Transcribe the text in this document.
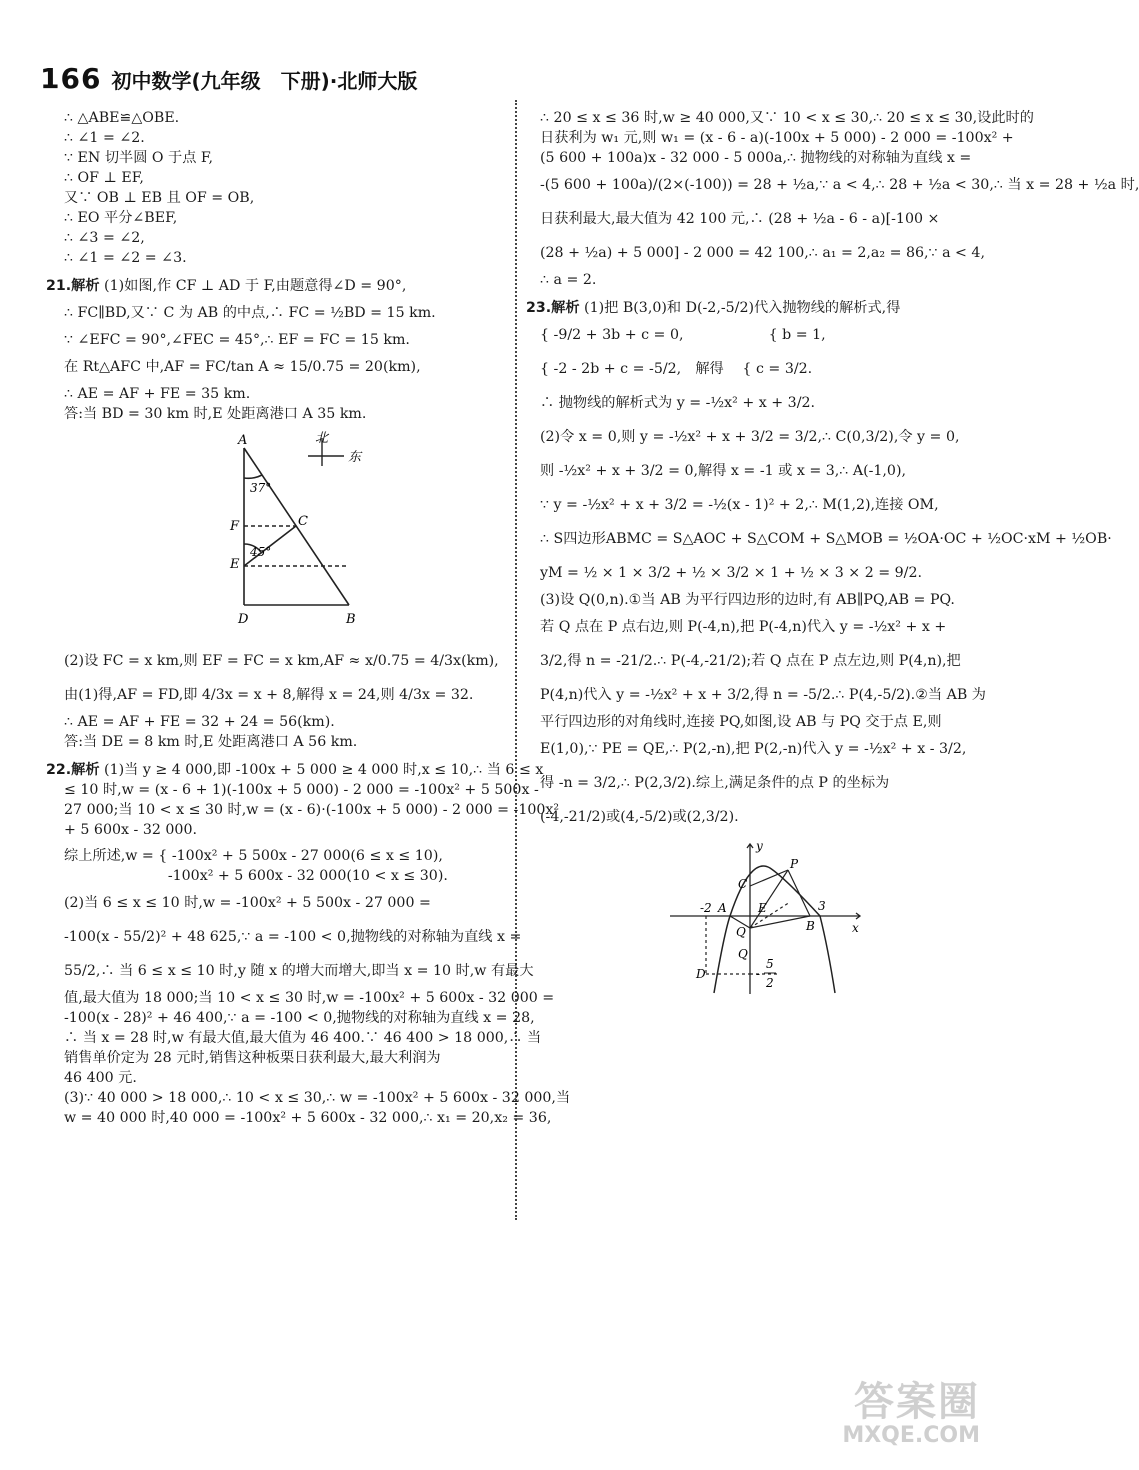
166 初中数学(九年级　下册)·北师大版
∴ △ABE≌△OBE.
∴ ∠1 = ∠2.
∵ EN 切半圆 O 于点 F,
∴ OF ⊥ EF,
又∵ OB ⊥ EB 且 OF = OB,
∴ EO 平分∠BEF,
∴ ∠3 = ∠2,
∴ ∠1 = ∠2 = ∠3.
21.解析 (1)如图,作 CF ⊥ AD 于 F,由题意得∠D = 90°,
∴ FC∥BD,又∵ C 为 AB 的中点,∴ FC = ½BD = 15 km.
∵ ∠EFC = 90°,∠FEC = 45°,∴ EF = FC = 15 km.
在 Rt△AFC 中,AF = FC/tan A ≈ 15/0.75 = 20(km),
∴ AE = AF + FE = 35 km.
答:当 BD = 30 km 时,E 处距离港口 A 35 km.
北
东
A
37°
F	C
45°
E
D	B
(2)设 FC = x km,则 EF = FC = x km,AF ≈ x/0.75 = 4/3x(km),
由(1)得,AF = FD,即 4/3x = x + 8,解得 x = 24,则 4/3x = 32.
∴ AE = AF + FE = 32 + 24 = 56(km).
答:当 DE = 8 km 时,E 处距离港口 A 56 km.
22.解析 (1)当 y ≥ 4 000,即 -100x + 5 000 ≥ 4 000 时,x ≤ 10,∴ 当 6 ≤ x
≤ 10 时,w = (x - 6 + 1)(-100x + 5 000) - 2 000 = -100x² + 5 500x -
27 000;当 10 < x ≤ 30 时,w = (x - 6)·(-100x + 5 000) - 2 000 = -100x²
+ 5 600x - 32 000.
综上所述,w = { -100x² + 5 500x - 27 000(6 ≤ x ≤ 10),
　　　　　　　 -100x² + 5 600x - 32 000(10 < x ≤ 30).
(2)当 6 ≤ x ≤ 10 时,w = -100x² + 5 500x - 27 000 =
-100(x - 55/2)² + 48 625,∵ a = -100 < 0,抛物线的对称轴为直线 x =
55/2,∴ 当 6 ≤ x ≤ 10 时,y 随 x 的增大而增大,即当 x = 10 时,w 有最大
值,最大值为 18 000;当 10 < x ≤ 30 时,w = -100x² + 5 600x - 32 000 =
-100(x - 28)² + 46 400,∵ a = -100 < 0,抛物线的对称轴为直线 x = 28,
∴ 当 x = 28 时,w 有最大值,最大值为 46 400.∵ 46 400 > 18 000,∴ 当
销售单价定为 28 元时,销售这种板栗日获利最大,最大利润为
46 400 元.
(3)∵ 40 000 > 18 000,∴ 10 < x ≤ 30,∴ w = -100x² + 5 600x - 32 000,当
w = 40 000 时,40 000 = -100x² + 5 600x - 32 000,∴ x₁ = 20,x₂ = 36,
∴ 20 ≤ x ≤ 36 时,w ≥ 40 000,又∵ 10 < x ≤ 30,∴ 20 ≤ x ≤ 30,设此时的
日获利为 w₁ 元,则 w₁ = (x - 6 - a)(-100x + 5 000) - 2 000 = -100x² +
(5 600 + 100a)x - 32 000 - 5 000a,∴ 抛物线的对称轴为直线 x =
-(5 600 + 100a)/(2×(-100)) = 28 + ½a,∵ a < 4,∴ 28 + ½a < 30,∴ 当 x = 28 + ½a 时,
日获利最大,最大值为 42 100 元,∴ (28 + ½a - 6 - a)[-100 ×
(28 + ½a) + 5 000] - 2 000 = 42 100,∴ a₁ = 2,a₂ = 86,∵ a < 4,
∴ a = 2.
23.解析 (1)把 B(3,0)和 D(-2,-5/2)代入抛物线的解析式,得
{ -9/2 + 3b + c = 0,　　　　　　{ b = 1,
{ -2 - 2b + c = -5/2,　解得　 { c = 3/2.
∴ 抛物线的解析式为 y = -½x² + x + 3/2.
(2)令 x = 0,则 y = -½x² + x + 3/2 = 3/2,∴ C(0,3/2),令 y = 0,
则 -½x² + x + 3/2 = 0,解得 x = -1 或 x = 3,∴ A(-1,0),
∵ y = -½x² + x + 3/2 = -½(x - 1)² + 2,∴ M(1,2),连接 OM,
∴ S四边形ABMC = S△AOC + S△COM + S△MOB = ½OA·OC + ½OC·xM + ½OB·
yM = ½ × 1 × 3/2 + ½ × 3/2 × 1 + ½ × 3 × 2 = 9/2.
(3)设 Q(0,n).①当 AB 为平行四边形的边时,有 AB∥PQ,AB = PQ.
若 Q 点在 P 点右边,则 P(-4,n),把 P(-4,n)代入 y = -½x² + x +
3/2,得 n = -21/2.∴ P(-4,-21/2);若 Q 点在 P 点左边,则 P(4,n),把
P(4,n)代入 y = -½x² + x + 3/2,得 n = -5/2.∴ P(4,-5/2).②当 AB 为
平行四边形的对角线时,连接 PQ,如图,设 AB 与 PQ 交于点 E,则
E(1,0),∵ PE = QE,∴ P(2,-n),把 P(2,-n)代入 y = -½x² + x - 3/2,
得 -n = 3/2,∴ P(2,3/2).综上,满足条件的点 P 的坐标为
(-4,-21/2)或(4,-5/2)或(2,3/2).
y
x
C
P
-2 A	E	3
B
Q
Q
D	-
5
2
答案圈
MXQE.COM
